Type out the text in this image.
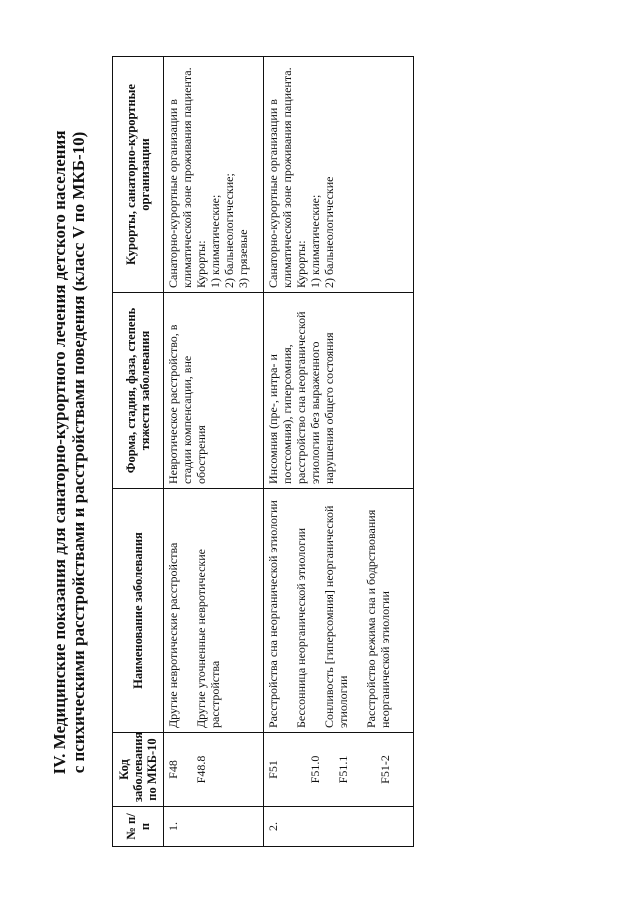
IV. Медицинские показания для санаторно-курортного лечения детского населения с психическими расстройствами и расстройствами поведения (класс V по МКБ-10)
№ п/п	Код заболевания по МКБ-10	Наименование заболевания	Форма, стадия, фаза, степень тяжести заболевания	Курорты, санаторно-курортные организации
1.	F48 F48.8	Другие невротические расстройства Другие уточненные невротические расстройства	Невротическое расстройство, в стадии компенсации, вне обострения	Санаторно-курортные организации в климатической зоне проживания пациента. Курорты: 1) климатические; 2) бальнеологические; 3) грязевые

2.	F51 F51.0 F51.1 F51-2	Расстройства сна неорганической этиологии Бессонница неорганической этиологии Сонливость [гиперсомния] неорганической этиологии Расстройство режима сна и бодрствования неорганической этиологии	Инсомния (пре-, интра- и постсомния), гиперсомния, расстройство сна неорганической этиологии без выраженного нарушения общего состояния	Санаторно-курортные организации в климатической зоне проживания пациента. Курорты: 1) климатические; 2) бальнеологические
